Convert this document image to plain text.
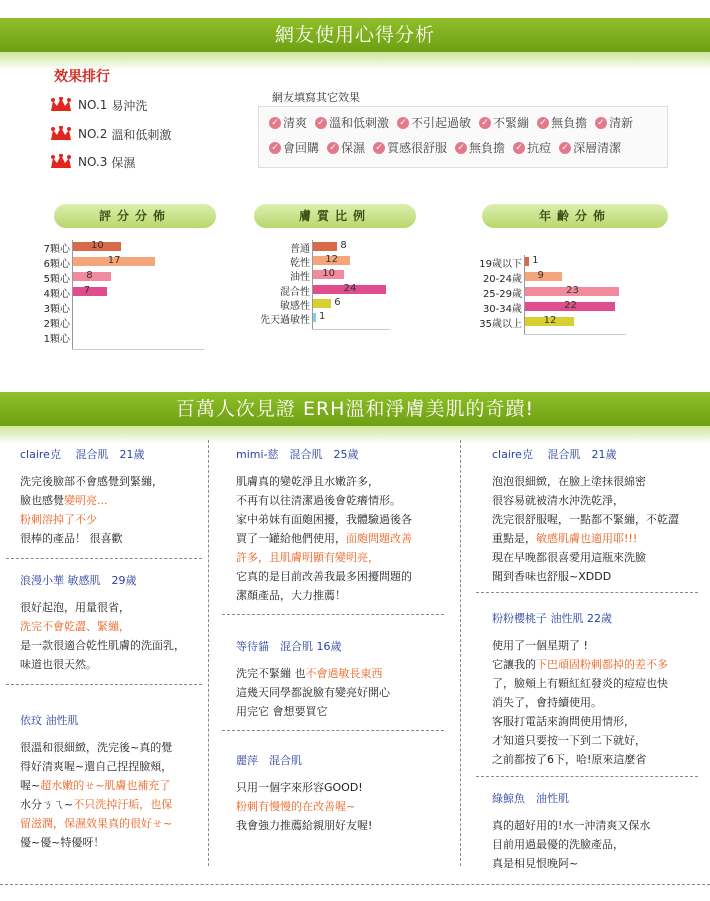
網友使用心得分析
效果排行
NO.1 易沖洗
NO.2 溫和低刺激
NO.3 保濕
網友填寫其它效果
✓ 清爽 ✓ 溫和低刺激 ✓ 不引起過敏 ✓ 不緊繃 ✓ 無負擔 ✓ 清新
✓ 會回購 ✓ 保濕 ✓ 質感很舒服 ✓ 無負擔 ✓ 抗痘 ✓ 深層清潔
評分分佈	膚質比例	年齡分佈
7顆心 10
6顆心	17
5顆心 8
4顆心 7
3顆心
2顆心
1顆心
普通	8
乾性 12
油性 10
混合性	24
敏感性 6
先天過敏性 1
19歲以下 1
20-24歲 9
25-29歲	23
30-34歲	22
35歲以上 12
百萬人次見證 ERH溫和淨膚美肌的奇蹟!
claire克　 混合肌　21歲
洗完後臉部不會感覺到緊繃，
臉也感覺變明亮...
粉刺溶掉了不少
很棒的產品！ 很喜歡
浪漫小華 敏感肌　29歲
很好起泡，用量很省，
洗完不會乾澀、緊繃，
是一款很適合乾性肌膚的洗面乳，
味道也很天然。
依玟 油性肌
很溫和很細緻，洗完後~真的覺
得好清爽喔~還自己捏捏臉頰，
喔~超水嫩的ㄝ~肌膚也補充了
水分ㄋㄟ~不只洗掉汙垢，也保
留滋潤，保濕效果真的很好ㄝ~
優~優~特優呀！
mimi-慈　混合肌　25歲
肌膚真的變乾淨且水嫩許多，
不再有以往清潔過後會乾癢情形。
家中弟妹有面皰困擾，我體驗過後各
買了一罐給他們使用，面皰問題改善
許多，且肌膚明顯有變明亮，
它真的是目前改善我最多困擾問題的
潔顏產品，大力推薦！
等待貓　混合肌 16歲
洗完不緊繃 也不會過敏長東西
這幾天同學都說臉有變亮好開心
用完它 會想要買它
麗萍　混合肌
只用一個字來形容GOOD!
粉刺有慢慢的在改善喔~
我會強力推薦給親朋好友喔!
claire克　 混合肌　21歲
泡泡很細緻，在臉上塗抹很綿密
很容易就被清水沖洗乾淨，
洗完很舒服喔，一點都不緊繃，不乾澀
重點是，敏感肌膚也適用耶!!!
現在早晚都很喜愛用這瓶來洗臉
聞到香味也舒服~XDDD
粉粉櫻桃子 油性肌 22歲
使用了一個星期了 !
它讓我的下巴頑固粉刺都掉的差不多
了，臉頰上有顆紅紅發炎的痘痘也快
消失了，會持續使用。
客服打電話來詢問使用情形，
才知道只要按一下到二下就好，
之前都按了6下，哈!原來這麼省
綠鯨魚　油性肌
真的超好用的!水一沖清爽又保水
目前用過最優的洗臉產品，
真是相見恨晚阿~
